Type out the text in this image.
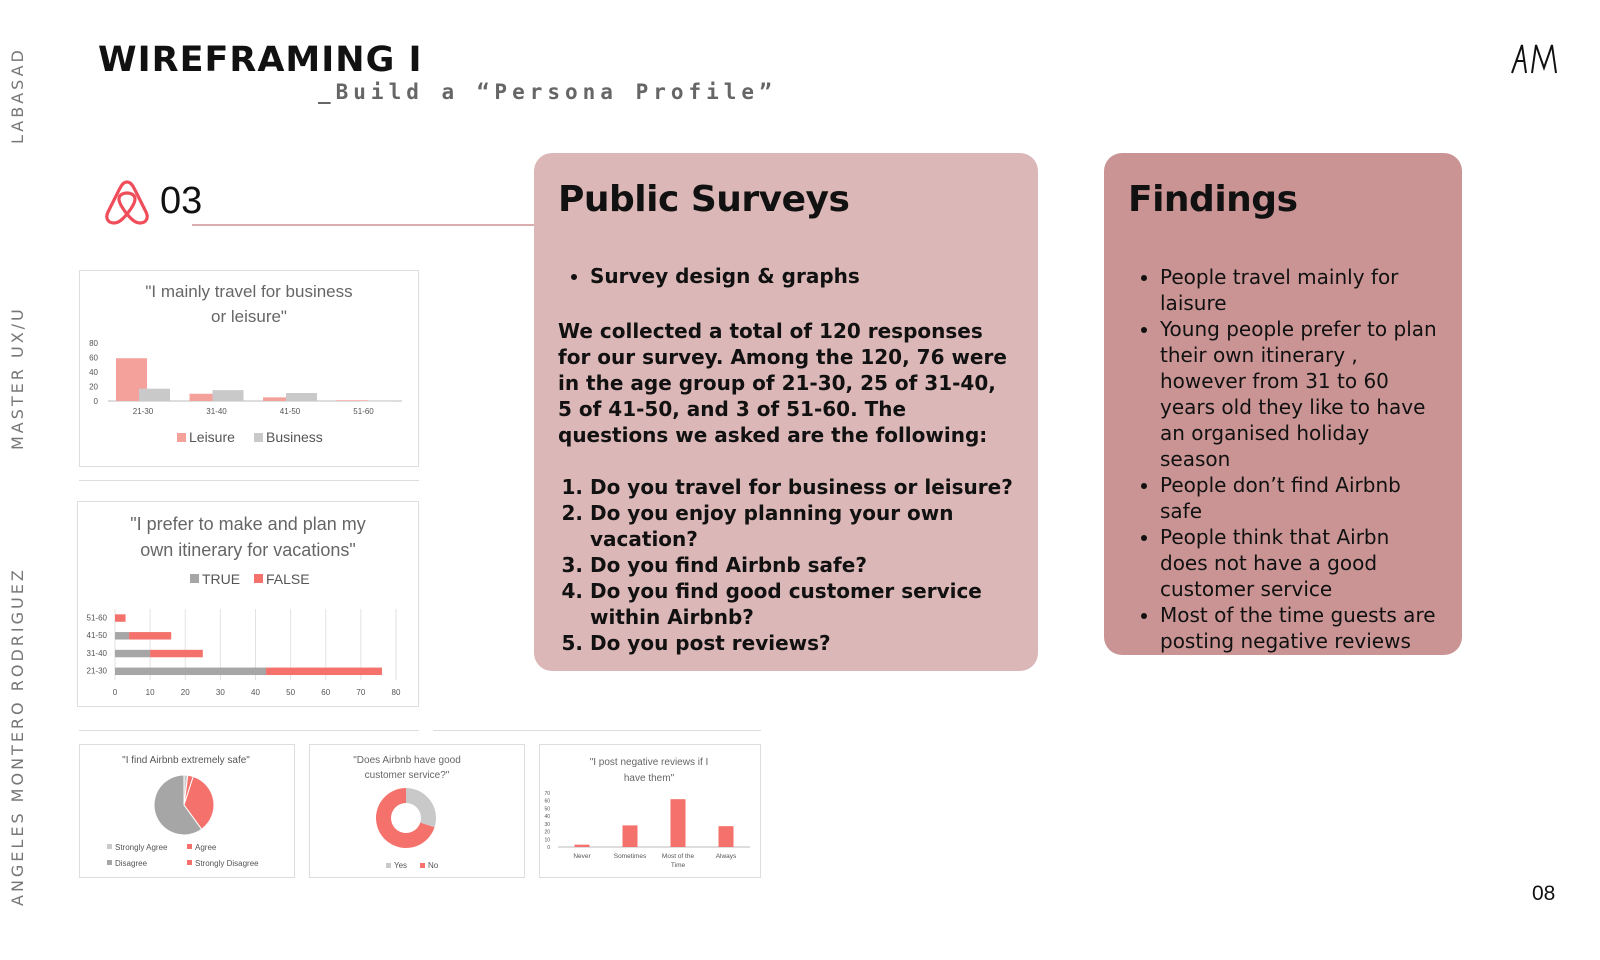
LABASAD
MASTER UX/U
ANGELES MONTERO RODRIGUEZ
WIREFRAMING I
_Build a “Persona Profile”
03
"I mainly travel for business
or leisure"
0
20
40
60
80
21-30	31-40	41-50	51-60
Leisure Business
"I prefer to make and plan my
own itinerary for vacations"
TRUE FALSE
0	10	20	30	40	50	60	70	80
51-60
41-50
31-40
21-30
"I find Airbnb extremely safe"
Strongly Agree	Agree
Disagree	Strongly Disagree
"Does Airbnb have good
customer service?"
Yes	No
"I post negative reviews if I
have them"
0
10
20
30
40
50
60
70
Never	Sometimes Most of the
Time
Always
Public Surveys
• Survey design & graphs

We collected a total of 120 responses for our survey. Among the 120, 76 were in the age group of 21-30, 25 of 31-40, 5 of 41-50, and 3 of 51-60. The questions we asked are the following:

1. Do you travel for business or leisure?
2. Do you enjoy planning your own vacation?
3. Do you find Airbnb safe?
4. Do you find good customer service within Airbnb?
5. Do you post reviews?
Findings
• People travel mainly for laisure
• Young people prefer to plan their own itinerary , however from 31 to 60 years old they like to have an organised holiday season
• People don’t find Airbnb safe
• People think that Airbn does not have a good customer service
• Most of the time guests are posting negative reviews
08
